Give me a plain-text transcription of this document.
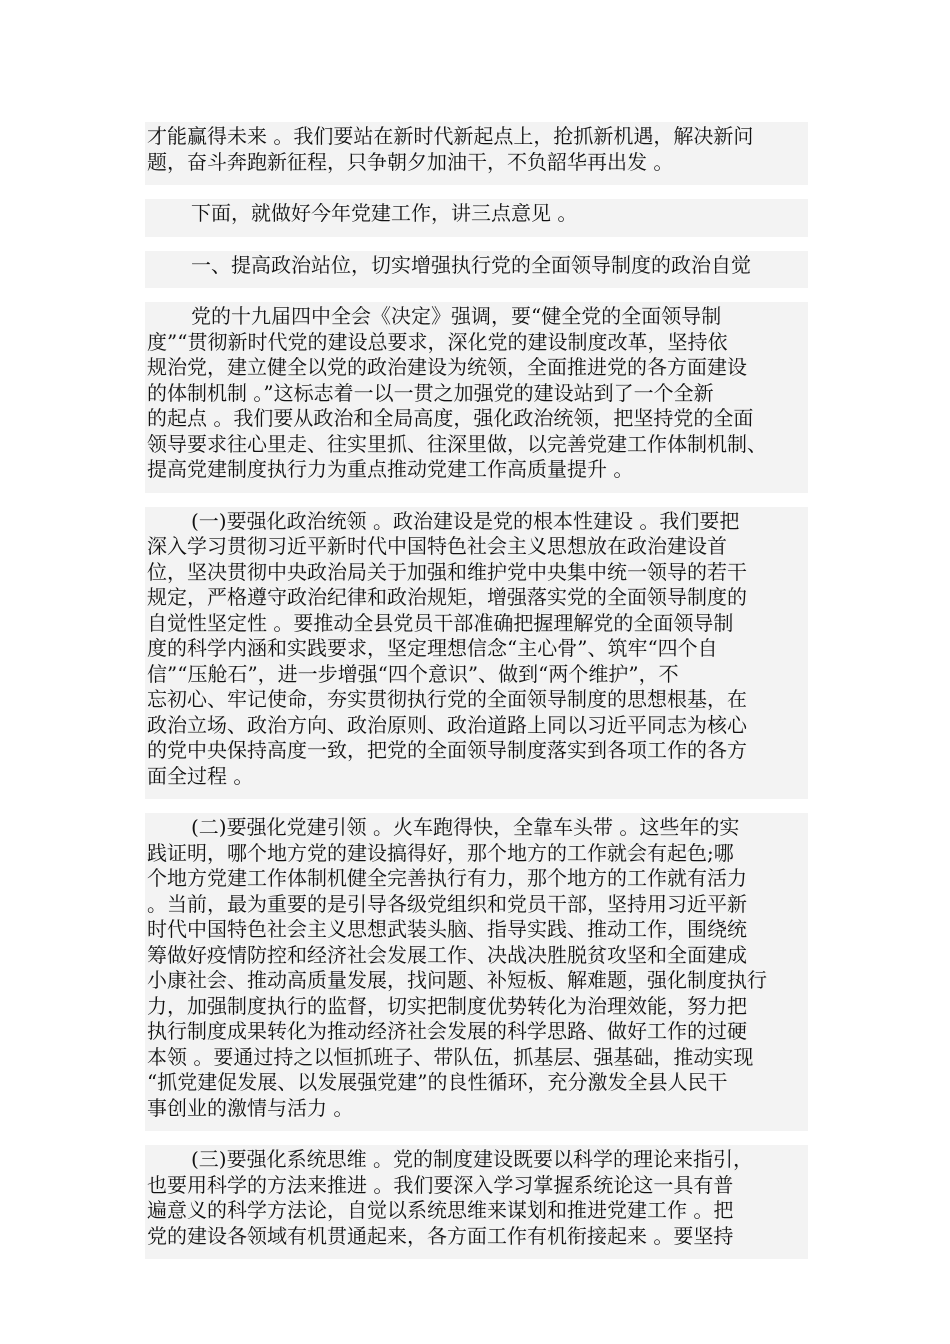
才能赢得未来 。我们要站在新时代新起点上，抢抓新机遇，解决新问
题，奋斗奔跑新征程，只争朝夕加油干，不负韶华再出发 。

下面，就做好今年党建工作，讲三点意见 。

一、提高政治站位，切实增强执行党的全面领导制度的政治自觉

党的十九届四中全会《决定》强调，要“健全党的全面领导制
度”“贯彻新时代党的建设总要求，深化党的建设制度改革，坚持依
规治党，建立健全以党的政治建设为统领，全面推进党的各方面建设
的体制机制 。”这标志着一以一贯之加强党的建设站到了一个全新
的起点 。我们要从政治和全局高度，强化政治统领，把坚持党的全面
领导要求往心里走、往实里抓、往深里做，以完善党建工作体制机制、
提高党建制度执行力为重点推动党建工作高质量提升 。

(一)要强化政治统领 。政治建设是党的根本性建设 。我们要把
深入学习贯彻习近平新时代中国特色社会主义思想放在政治建设首
位，坚决贯彻中央政治局关于加强和维护党中央集中统一领导的若干
规定，严格遵守政治纪律和政治规矩，增强落实党的全面领导制度的
自觉性坚定性 。要推动全县党员干部准确把握理解党的全面领导制
度的科学内涵和实践要求，坚定理想信念“主心骨”、筑牢“四个自
信”“压舱石”，进一步增强“四个意识”、做到“两个维护”，不
忘初心、牢记使命，夯实贯彻执行党的全面领导制度的思想根基，在
政治立场、政治方向、政治原则、政治道路上同以习近平同志为核心
的党中央保持高度一致，把党的全面领导制度落实到各项工作的各方
面全过程 。

(二)要强化党建引领 。火车跑得快，全靠车头带 。这些年的实
践证明，哪个地方党的建设搞得好，那个地方的工作就会有起色;哪
个地方党建工作体制机健全完善执行有力，那个地方的工作就有活力
。当前，最为重要的是引导各级党组织和党员干部，坚持用习近平新
时代中国特色社会主义思想武装头脑、指导实践、推动工作，围绕统
筹做好疫情防控和经济社会发展工作、决战决胜脱贫攻坚和全面建成
小康社会、推动高质量发展，找问题、补短板、解难题，强化制度执行
力，加强制度执行的监督，切实把制度优势转化为治理效能，努力把
执行制度成果转化为推动经济社会发展的科学思路、做好工作的过硬
本领 。要通过持之以恒抓班子、带队伍，抓基层、强基础，推动实现
“抓党建促发展、以发展强党建”的良性循环，充分激发全县人民干
事创业的激情与活力 。

(三)要强化系统思维 。党的制度建设既要以科学的理论来指引，
也要用科学的方法来推进 。我们要深入学习掌握系统论这一具有普
遍意义的科学方法论，自觉以系统思维来谋划和推进党建工作 。把
党的建设各领域有机贯通起来，各方面工作有机衔接起来 。要坚持
